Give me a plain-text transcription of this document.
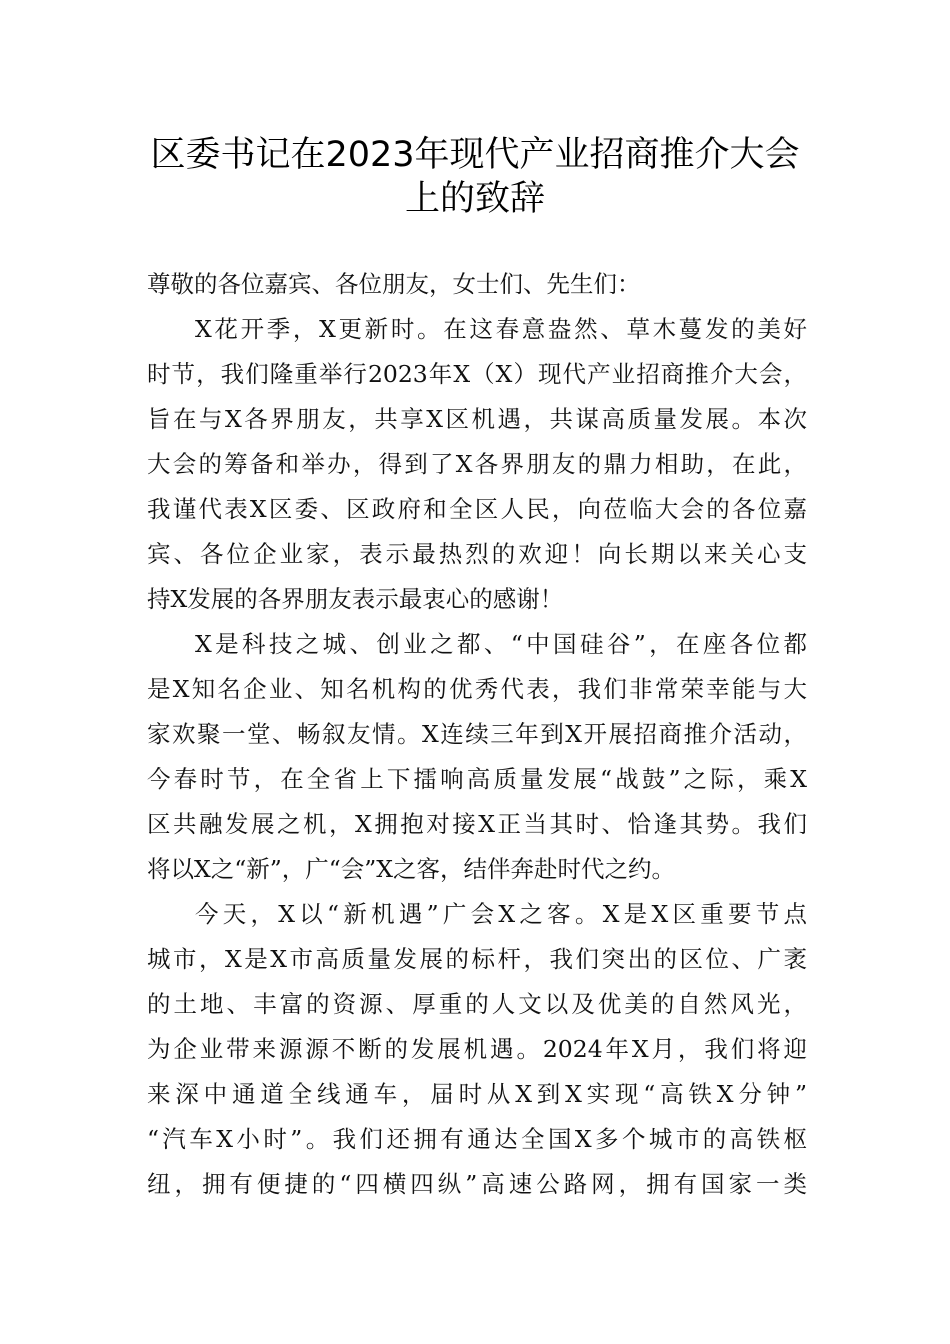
区委书记在2023年现代产业招商推介大会
上的致辞
尊敬的各位嘉宾、各位朋友，女士们、先生们：
X花开季，X更新时。在这春意盎然、草木蔓发的美好
时节，我们隆重举行2023年X（X）现代产业招商推介大会，
旨在与X各界朋友，共享X区机遇，共谋高质量发展。本次
大会的筹备和举办，得到了X各界朋友的鼎力相助，在此，
我谨代表X区委、区政府和全区人民，向莅临大会的各位嘉
宾、各位企业家，表示最热烈的欢迎！向长期以来关心支
持X发展的各界朋友表示最衷心的感谢！
X是科技之城、创业之都、“中国硅谷”，在座各位都
是X知名企业、知名机构的优秀代表，我们非常荣幸能与大
家欢聚一堂、畅叙友情。X连续三年到X开展招商推介活动，
今春时节，在全省上下擂响高质量发展“战鼓”之际，乘X
区共融发展之机，X拥抱对接X正当其时、恰逢其势。我们
将以X之“新”，广“会”X之客，结伴奔赴时代之约。
今天，X以“新机遇”广会X之客。X是X区重要节点
城市，X是X市高质量发展的标杆，我们突出的区位、广袤
的土地、丰富的资源、厚重的人文以及优美的自然风光，
为企业带来源源不断的发展机遇。2024年X月，我们将迎
来深中通道全线通车，届时从X到X实现“高铁X分钟”
“汽车X小时”。我们还拥有通达全国X多个城市的高铁枢
纽，拥有便捷的“四横四纵”高速公路网，拥有国家一类
